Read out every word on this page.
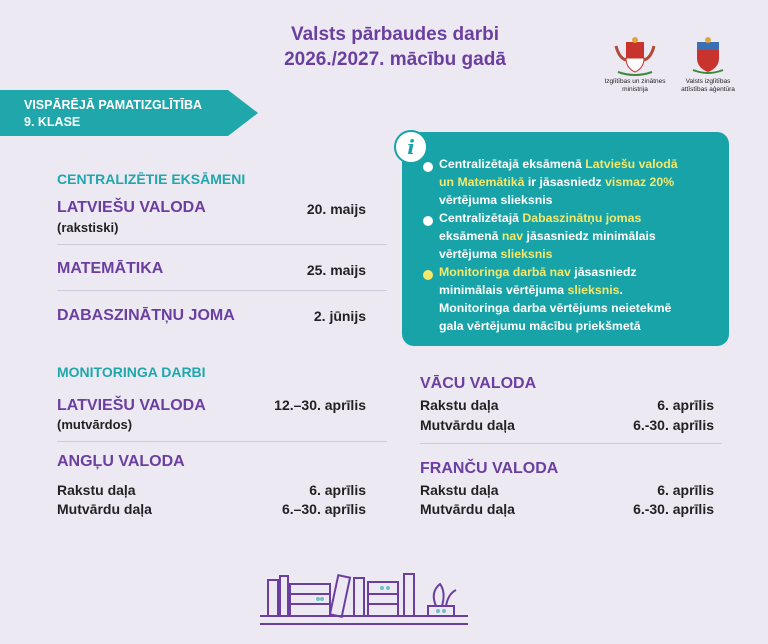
Valsts pārbaudes darbi
2026./2027. mācību gadā
Izglītības un zinātnes
ministrija
Valsts izglītības
attīstības aģentūra
VISPĀRĒJĀ PAMATIZGLĪTĪBA
9. KLASE
CENTRALIZĒTIE EKSĀMENI
LATVIEŠU VALODA
(rakstiski)
20. maijs
MATEMĀTIKA	25. maijs
DABASZINĀTŅU JOMA	2. jūnijs
MONITORINGA DARBI
LATVIEŠU VALODA
(mutvārdos)
12.–30. aprīlis
ANGĻU VALODA
Rakstu daļa	6. aprīlis
Mutvārdu daļa	6.–30. aprīlis
VĀCU VALODA
Rakstu daļa	6. aprīlis
Mutvārdu daļa	6.-30. aprīlis
FRANČU VALODA
Rakstu daļa	6. aprīlis
Mutvārdu daļa	6.-30. aprīlis
i
Centralizētajā eksāmenā Latviešu valodā
un Matemātikā ir jāsasniedz vismaz 20%
vērtējuma slieksnis
Centralizētajā Dabaszinātņu jomas
eksāmenā nav jāsasniedz minimālais
vērtējuma slieksnis
Monitoringa darbā nav jāsasniedz
minimālais vērtējuma slieksnis.
Monitoringa darba vērtējums neietekmē
gala vērtējumu mācību priekšmetā
